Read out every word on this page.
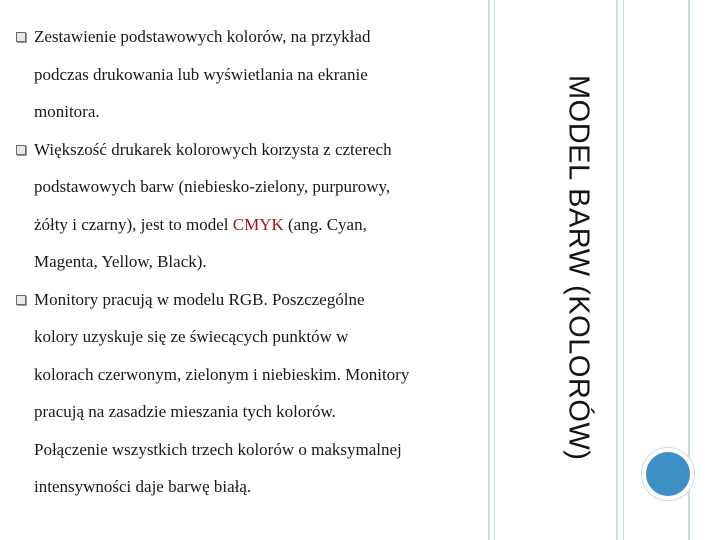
Zestawienie podstawowych kolorów, na przykład
podczas drukowania lub wyświetlania na ekranie
monitora.
Większość drukarek kolorowych korzysta z czterech
podstawowych barw (niebiesko-zielony, purpurowy,
żółty i czarny), jest to model CMYK (ang. Cyan,
Magenta, Yellow, Black).
Monitory pracują w modelu RGB. Poszczególne
kolory uzyskuje się ze świecących punktów w
kolorach czerwonym, zielonym i niebieskim. Monitory
pracują na zasadzie mieszania tych kolorów.
Połączenie wszystkich trzech kolorów o maksymalnej
intensywności daje barwę białą.
MODEL BARW (KOLORÓW)
